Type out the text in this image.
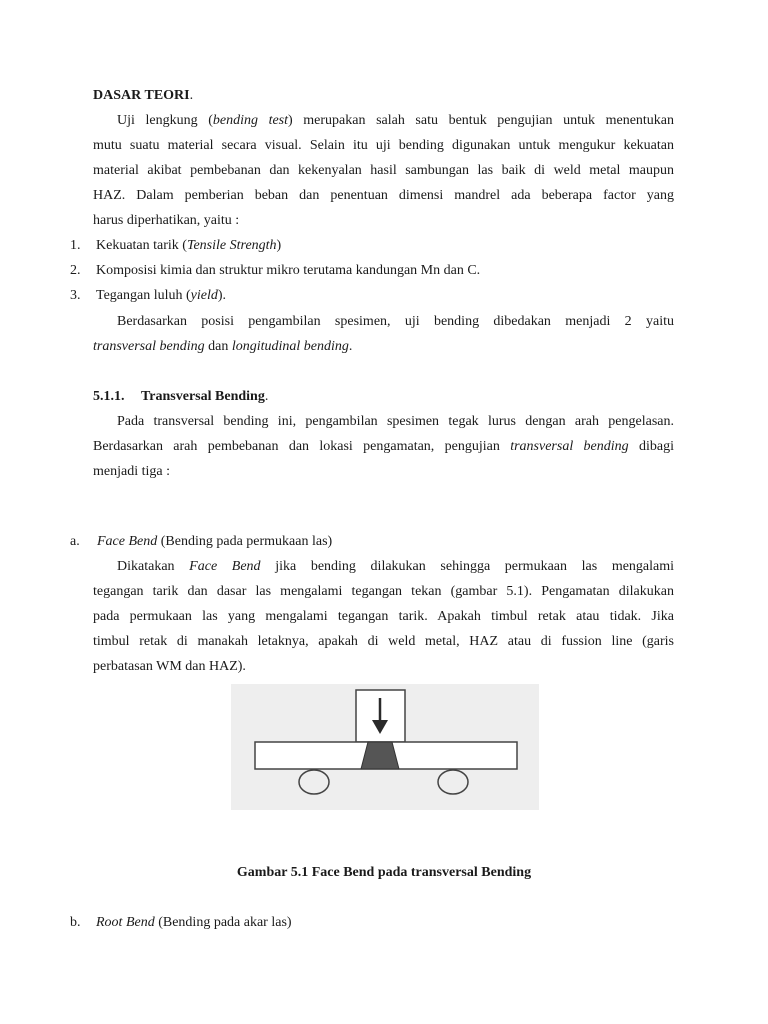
DASAR TEORI.
Uji lengkung (bending test) merupakan salah satu bentuk pengujian untuk menentukan
mutu suatu material secara visual. Selain itu uji bending digunakan untuk mengukur kekuatan
material akibat pembebanan dan kekenyalan hasil sambungan las baik di weld metal maupun
HAZ. Dalam pemberian beban dan penentuan dimensi mandrel ada beberapa factor yang
harus diperhatikan, yaitu :
1. Kekuatan tarik (Tensile Strength)
2. Komposisi kimia dan struktur mikro terutama kandungan Mn dan C.
3. Tegangan luluh (yield).
Berdasarkan posisi pengambilan spesimen, uji bending dibedakan menjadi 2 yaitu
transversal bending dan longitudinal bending.
5.1.1. Transversal Bending.
Pada transversal bending ini, pengambilan spesimen tegak lurus dengan arah pengelasan.
Berdasarkan arah pembebanan dan lokasi pengamatan, pengujian transversal bending dibagi
menjadi tiga :
a. Face Bend (Bending pada permukaan las)
Dikatakan Face Bend jika bending dilakukan sehingga permukaan las mengalami
tegangan tarik dan dasar las mengalami tegangan tekan (gambar 5.1). Pengamatan dilakukan
pada permukaan las yang mengalami tegangan tarik. Apakah timbul retak atau tidak. Jika
timbul retak di manakah letaknya, apakah di weld metal, HAZ atau di fussion line (garis
perbatasan WM dan HAZ).
Gambar 5.1 Face Bend pada transversal Bending
b. Root Bend (Bending pada akar las)
